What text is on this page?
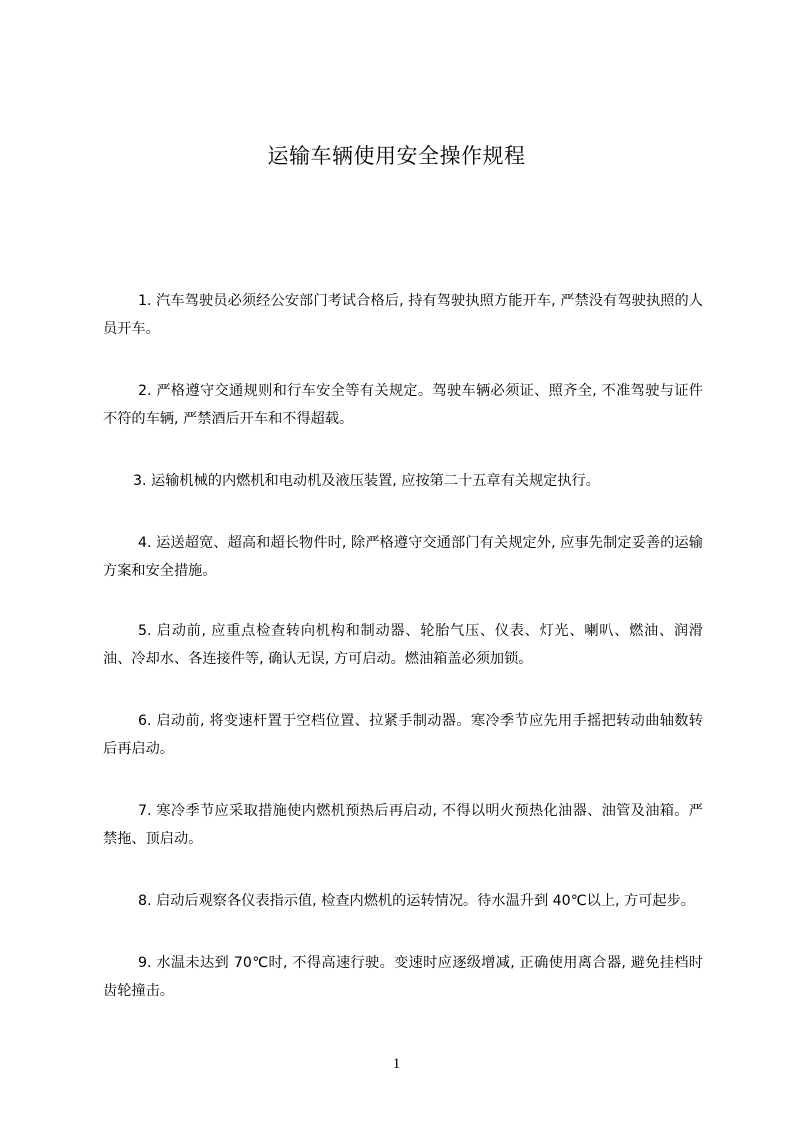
运输车辆使用安全操作规程

1. 汽车驾驶员必须经公安部门考试合格后, 持有驾驶执照方能开车, 严禁没有驾驶执照的人员开车。

2. 严格遵守交通规则和行车安全等有关规定。驾驶车辆必须证、照齐全, 不准驾驶与证件不符的车辆, 严禁酒后开车和不得超载。

3. 运输机械的内燃机和电动机及液压装置, 应按第二十五章有关规定执行。

4. 运送超宽、超高和超长物件时, 除严格遵守交通部门有关规定外, 应事先制定妥善的运输方案和安全措施。

5. 启动前, 应重点检查转向机构和制动器、轮胎气压、仪表、灯光、喇叭、燃油、润滑油、冷却水、各连接件等, 确认无误, 方可启动。燃油箱盖必须加锁。

6. 启动前, 将变速杆置于空档位置、拉紧手制动器。寒冷季节应先用手摇把转动曲轴数转后再启动。

7. 寒冷季节应采取措施使内燃机预热后再启动, 不得以明火预热化油器、油管及油箱。严禁拖、顶启动。

8. 启动后观察各仪表指示值, 检查内燃机的运转情况。待水温升到 40℃以上, 方可起步。

9. 水温未达到 70℃时, 不得高速行驶。变速时应逐级增减, 正确使用离合器, 避免挂档时齿轮撞击。

1
